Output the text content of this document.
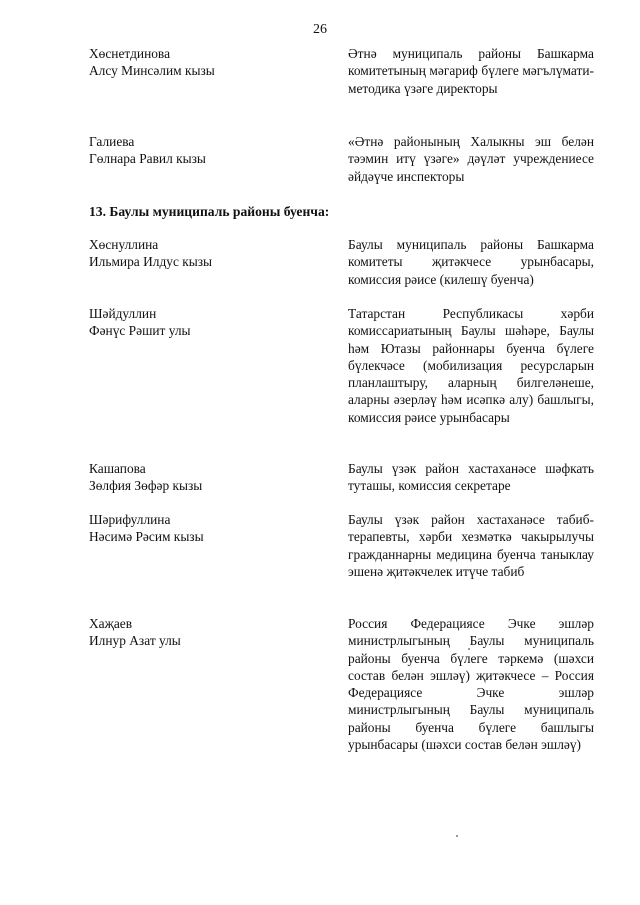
26
Хөснетдинова
Алсу Минсәлим кызы
Әтнә муниципаль районы Башкарма комитетының мәгариф бүлеге мәгълүмати-методика үзәге директоры
Галиева
Гөлнара Равил кызы
«Әтнә районының Халыкны эш белән тәэмин итү үзәге» дәүләт учреждениесе әйдәүче инспекторы
13. Баулы муниципаль районы буенча:
Хөснуллина
Ильмира Илдус кызы
Баулы муниципаль районы Башкарма комитеты җитәкчесе урынбасары, комиссия рәисе (килешү буенча)
Шәйдуллин
Фәнүс Рәшит улы
Татарстан Республикасы хәрби комиссариатының Баулы шәһәре, Баулы һәм Ютазы районнары буенча бүлеге бүлекчәсе (мобилизация ресурсларын планлаштыру, аларның билгеләнеше, аларны әзерләү һәм исәпкә алу) башлыгы, комиссия рәисе урынбасары
Кашапова
Зөлфия Зөфәр кызы
Баулы үзәк район хастаханәсе шәфкать туташы, комиссия секретаре
Шәрифуллина
Нәсимә Рәсим кызы
Баулы үзәк район хастаханәсе табиб-терапевты, хәрби хезмәткә чакырылучы гражданнарны медицина буенча таныклау эшенә җитәкчелек итүче табиб
Хаҗаев
Илнур Азат улы
Россия Федерациясе Эчке эшләр министрлыгының Баулы муниципаль районы буенча бүлеге тәркемә (шәхси состав белән эшләү) җитәкчесе – Россия Федерациясе Эчке эшләр министрлыгының Баулы муниципаль районы буенча бүлеге башлыгы урынбасары (шәхси состав белән эшләү)
